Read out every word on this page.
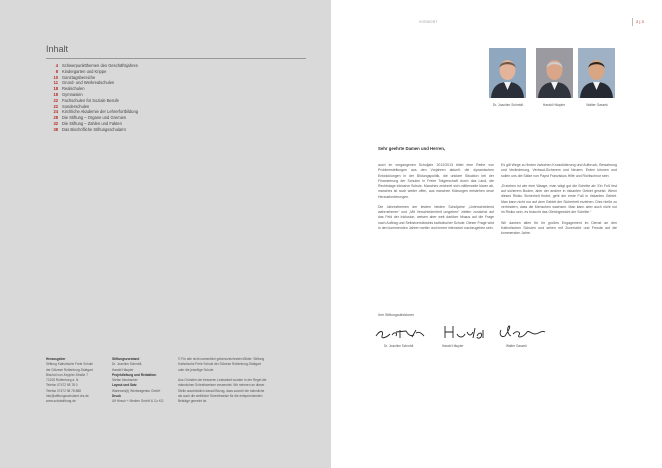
Inhalt
4 Schwerpunktthemen des Geschäftsjahres
8 Kindergarten und Krippe
10 Ganztagsbereiche
11 Grund- und Werkrealschulen
18 Realschulen
18 Gymnasien
22 Fachschulen für Soziale Berufe
22 Sonderschulen
24 Kirchliche Akademie der Lehrerfortbildung
28 Die Stiftung – Organe und Gremien
32 Die Stiftung – Zahlen und Fakten
38 Das Bischöfliche Stiftungsschulamt
Herausgeber
Stiftung Katholische Freie Schule
der Diözese Rottenburg-Stuttgart
Bischof-von-Keppler-Straße 7
72108 Rottenburg a. N.
Telefon 07472 98 78 0
Telefax 07472 98 78 888
info@stiftungsschulamt.drs.de
www.schulstiftung.de
Stiftungsvorstand
Dr. Joachim Schmidt,
Harald Häupler
Projektleitung und Redaktion
Stefan Neubacher
Layout und Satz
Wahrwerk(t) Werbeagentur GmbH
Druck
Ulf Hirsch + Medien GmbH & Co KG
© Für alle nicht namentlich gekennzeichneten Bilder: Stiftung
Katholische Freie Schule der Diözese Rottenburg-Stuttgart
oder die jeweilige Schule.

Aus Gründen der besseren Lesbarkeit wurden in der Regel die
männlichen Schreibweisen verwendet. Wir nehmen an dieser
Stelle ausdrücklich darauf Bezug, dass sowohl die männliche
als auch die weibliche Schreibweise für die entsprechenden
Beiträge gemeint ist.
VORWORT	2 | 3
Dr. Joachim Schmidt	Harald Häupler	Walter Gaszek
Sehr geehrte Damen und Herren,

auch im vergangenen Schuljahr 2012/2013 blieb eine Reihe von Problemstellungen aus den Vorjahren aktuell: die dynamischen Entwicklungen in der Bildungspolitik, die unklare Situation bei der Finanzierung der Schulen in Freier Trägerschaft durch das Land, die Rechtslage inklusive Schule. Manches zeichnet sich mittlerweile klarer ab, manches ist noch weiter offen, aus manchen Klärungen entstehen neue Herausforderungen.

Die Jahresthemen der letzten beiden Schuljahre „Unterscheidend wahrnehmen“ und „Mit Verschiedenheit umgehen“ zielten zunächst auf das Feld der Inklusion, weisen aber weit darüber hinaus auf die Frage nach Auftrag und Selbstverständnis katholischer Schule. Dieser Frage wird in den kommenden Jahren weiter und immer intensiver nachzugehen sein.

Es gilt Wege zu finden zwischen Konsolidierung und Aufbruch, Bewahrung und Veränderung, Vertraut-Sicherem und Neuem, Erden können und sollen uns die Sätze von Papst Franziskus Hilfe und Richtschnur sein:

„Erziehen ist wie eine Waage, man wägt gut die Schritte ab: Ein Fuß fest auf sicherem Boden, aber der andere in riskanten Gebiet gesetzt. Wenn dieses Risiko Sicherheit findet, geht der erste Fuß in riskantes Gebiet. Man kann nicht nur auf dem Gebiet der Sicherheit erziehen. Dies hieße zu verhindern, dass die Menschen wachsen. Man kann aber auch nicht nur im Risiko sein, es braucht das Gleichgewicht der Schritte.“

Wir danken allen für ihr großes Engagement im Dienst an den Katholischen Schulen und sehen mit Zuversicht und Freude auf die kommenden Jahre.

Ihre Stiftungsdirektoren
Dr. Joachim Schmidt	Harald Häupler	Walter Gaszek
